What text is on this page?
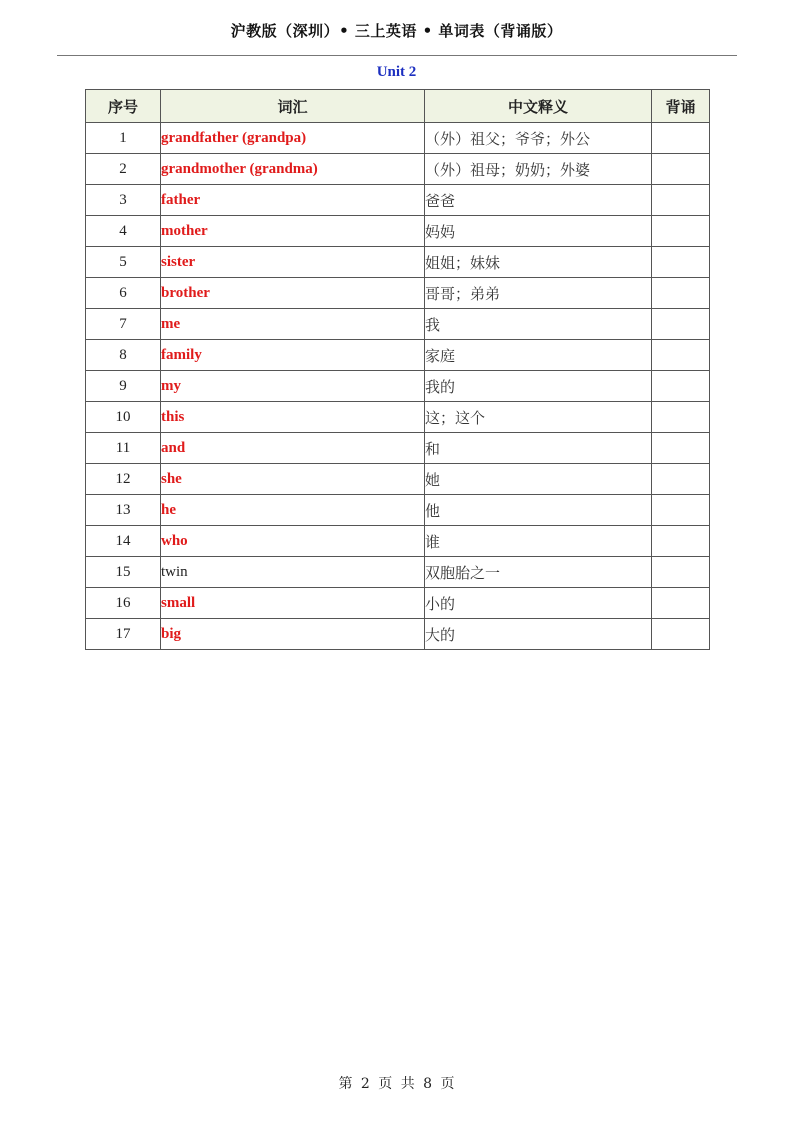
沪教版（深圳）• 三上英语 • 单词表（背诵版）
Unit 2
序号	词汇	中文释义	背诵
1	grandfather (grandpa)	（外）祖父；爷爷；外公	
2	grandmother (grandma)	（外）祖母；奶奶；外婆	
3	father	爸爸	
4	mother	妈妈	
5	sister	姐姐；妹妹	
6	brother	哥哥；弟弟	
7	me	我	
8	family	家庭	
9	my	我的	
10	this	这；这个	
11	and	和	
12	she	她	
13	he	他	
14	who	谁	
15	twin	双胞胎之一	
16	small	小的	
17	big	大的	
第 2 页 共 8 页
